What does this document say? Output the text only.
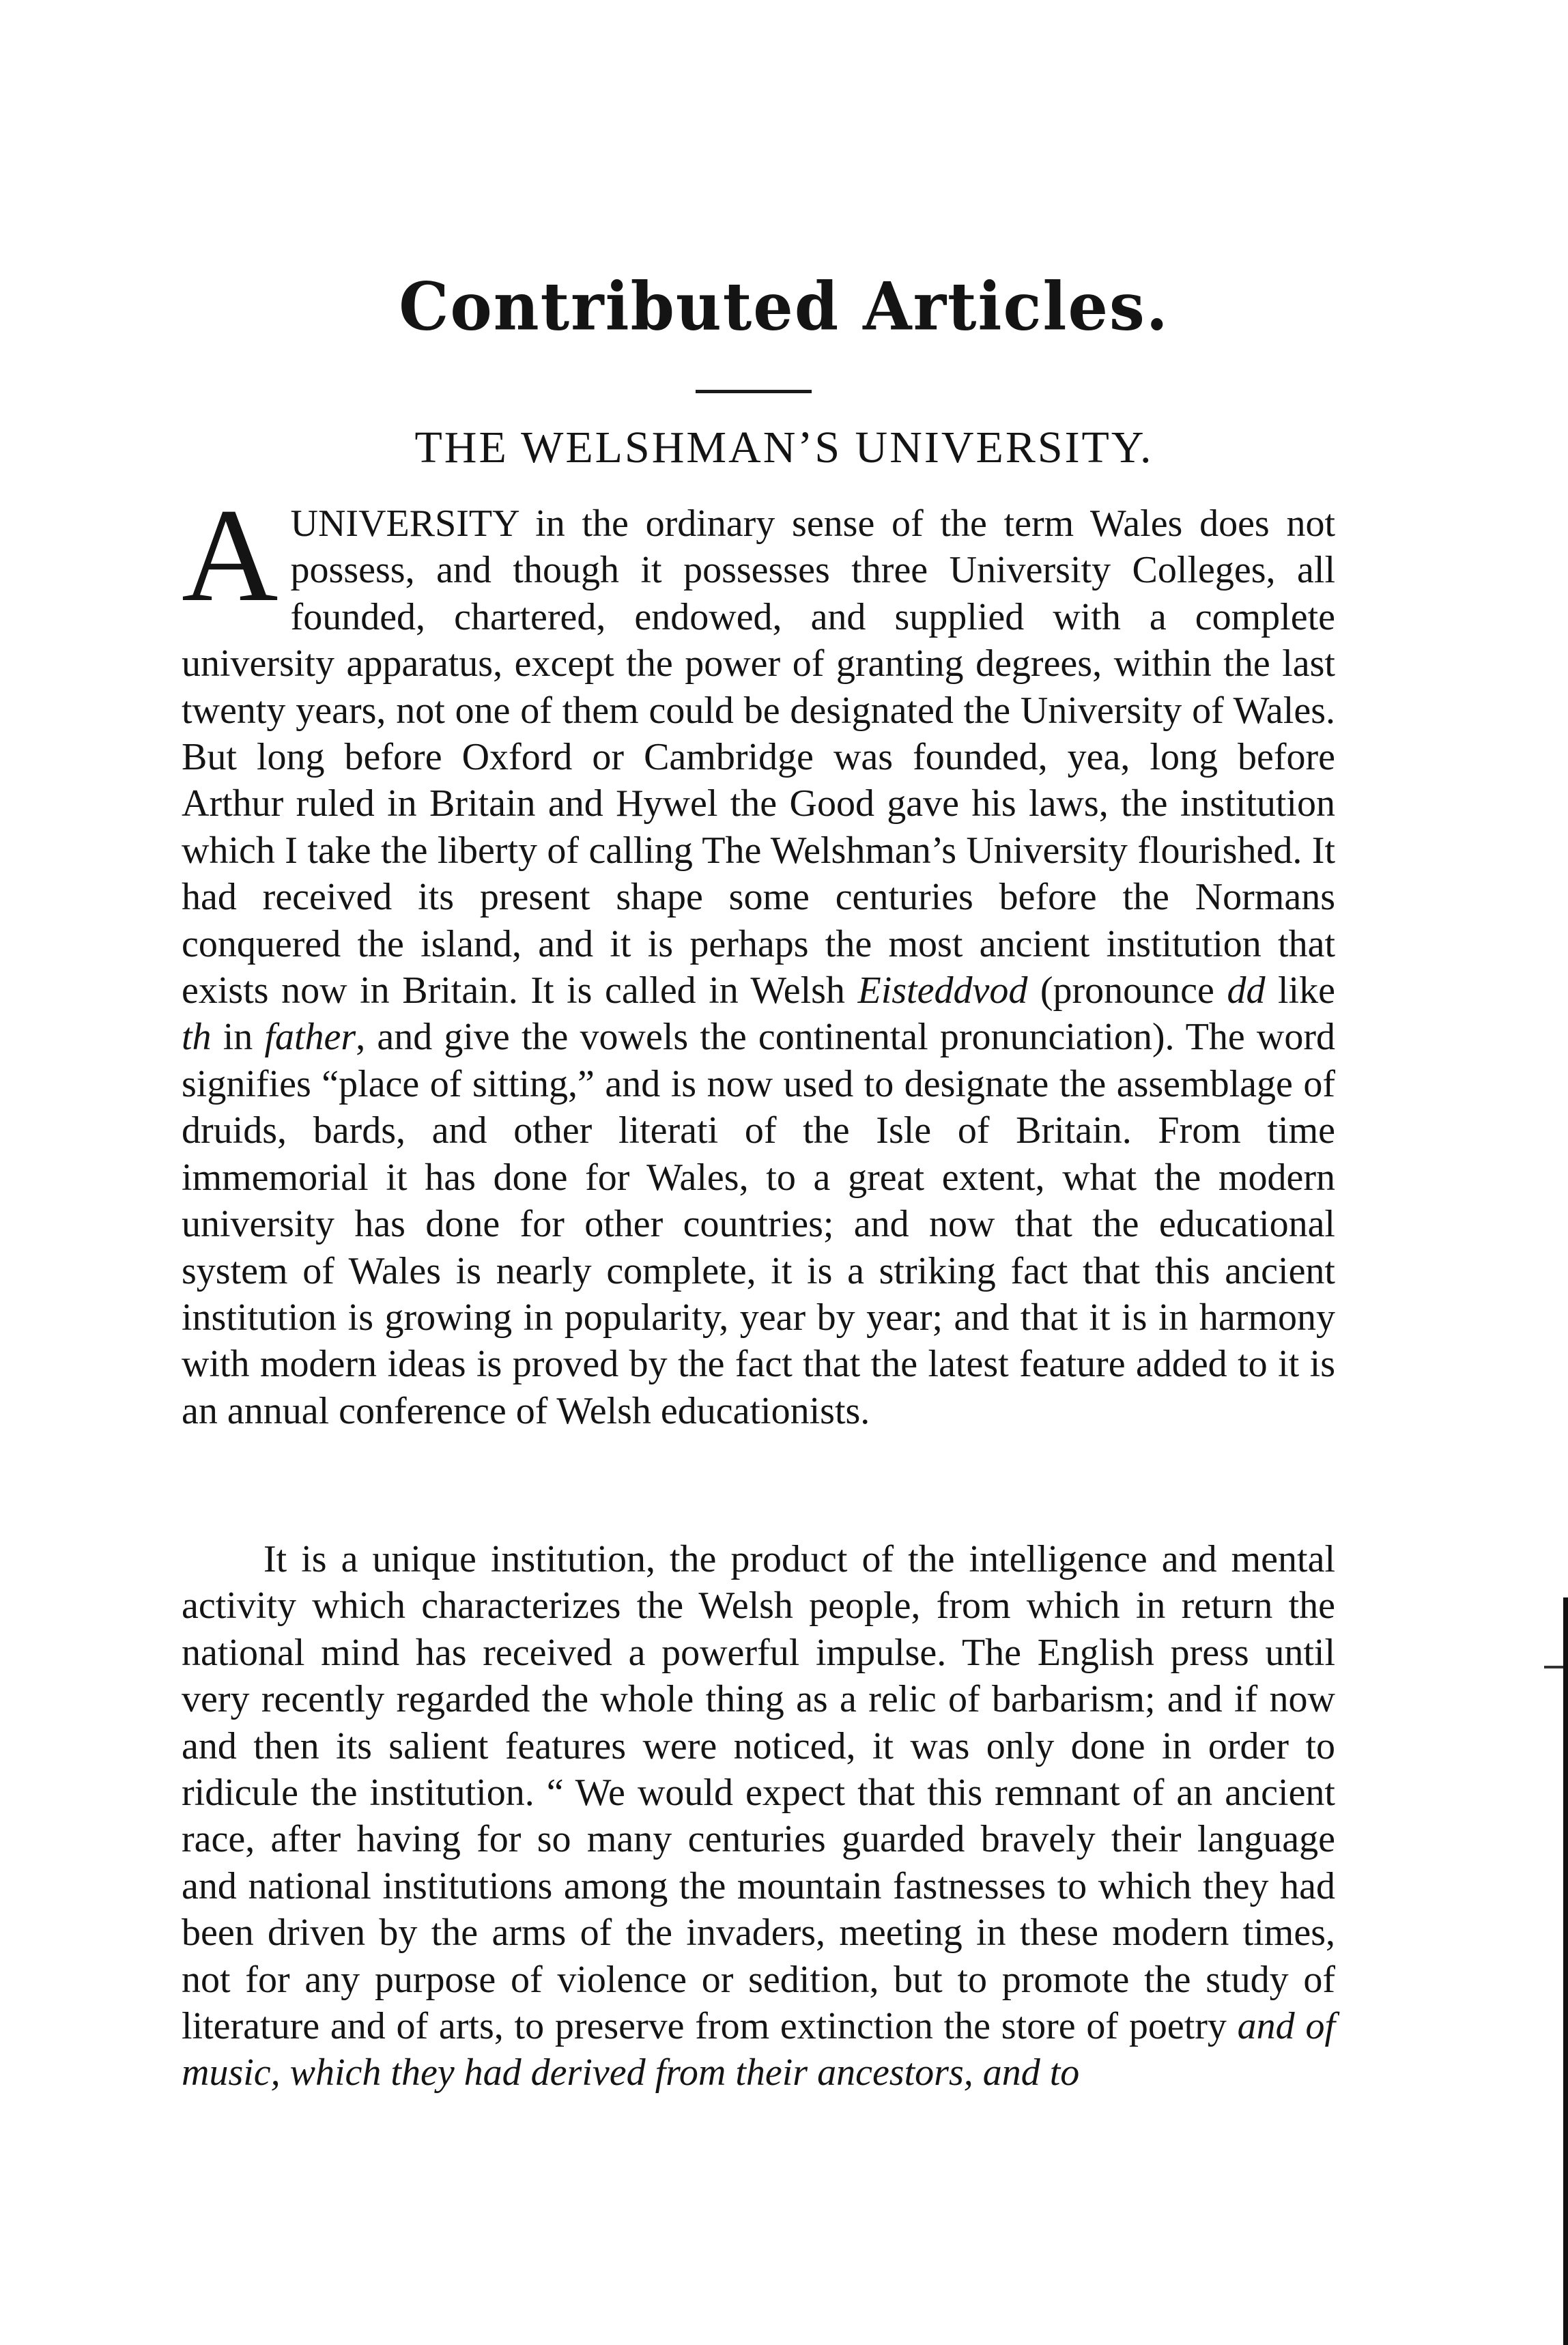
Contributed Articles.
THE WELSHMAN’S UNIVERSITY.

A UNIVERSITY in the ordinary sense of the term Wales does not possess, and though it possesses three University Colleges, all founded, chartered, endowed, and supplied with a complete university apparatus, except the power of granting degrees, within the last twenty years, not one of them could be designated the University of Wales. But long before Oxford or Cambridge was founded, yea, long before Arthur ruled in Britain and Hywel the Good gave his laws, the institution which I take the liberty of calling The Welshman’s University flourished. It had received its present shape some centuries before the Normans conquered the island, and it is perhaps the most ancient institution that exists now in Britain. It is called in Welsh Eisteddvod (pronounce dd like th in father, and give the vowels the continental pronunciation). The word signifies “place of sitting,” and is now used to designate the assemblage of druids, bards, and other literati of the Isle of Britain. From time immemorial it has done for Wales, to a great extent, what the modern university has done for other countries; and now that the educational system of Wales is nearly complete, it is a striking fact that this ancient institution is growing in popularity, year by year; and that it is in harmony with modern ideas is proved by the fact that the latest feature added to it is an annual conference of Welsh educationists.

It is a unique institution, the product of the intelligence and mental activity which characterizes the Welsh people, from which in return the national mind has received a powerful impulse. The English press until very recently regarded the whole thing as a relic of barbarism; and if now and then its salient features were noticed, it was only done in order to ridicule the institution. “ We would expect that this remnant of an ancient race, after having for so many centuries guarded bravely their language and national institutions among the mountain fastnesses to which they had been driven by the arms of the invaders, meeting in these modern times, not for any purpose of violence or sedition, but to promote the study of literature and of arts, to preserve from extinction the store of poetry and of music, which they had derived from their ancestors, and to
